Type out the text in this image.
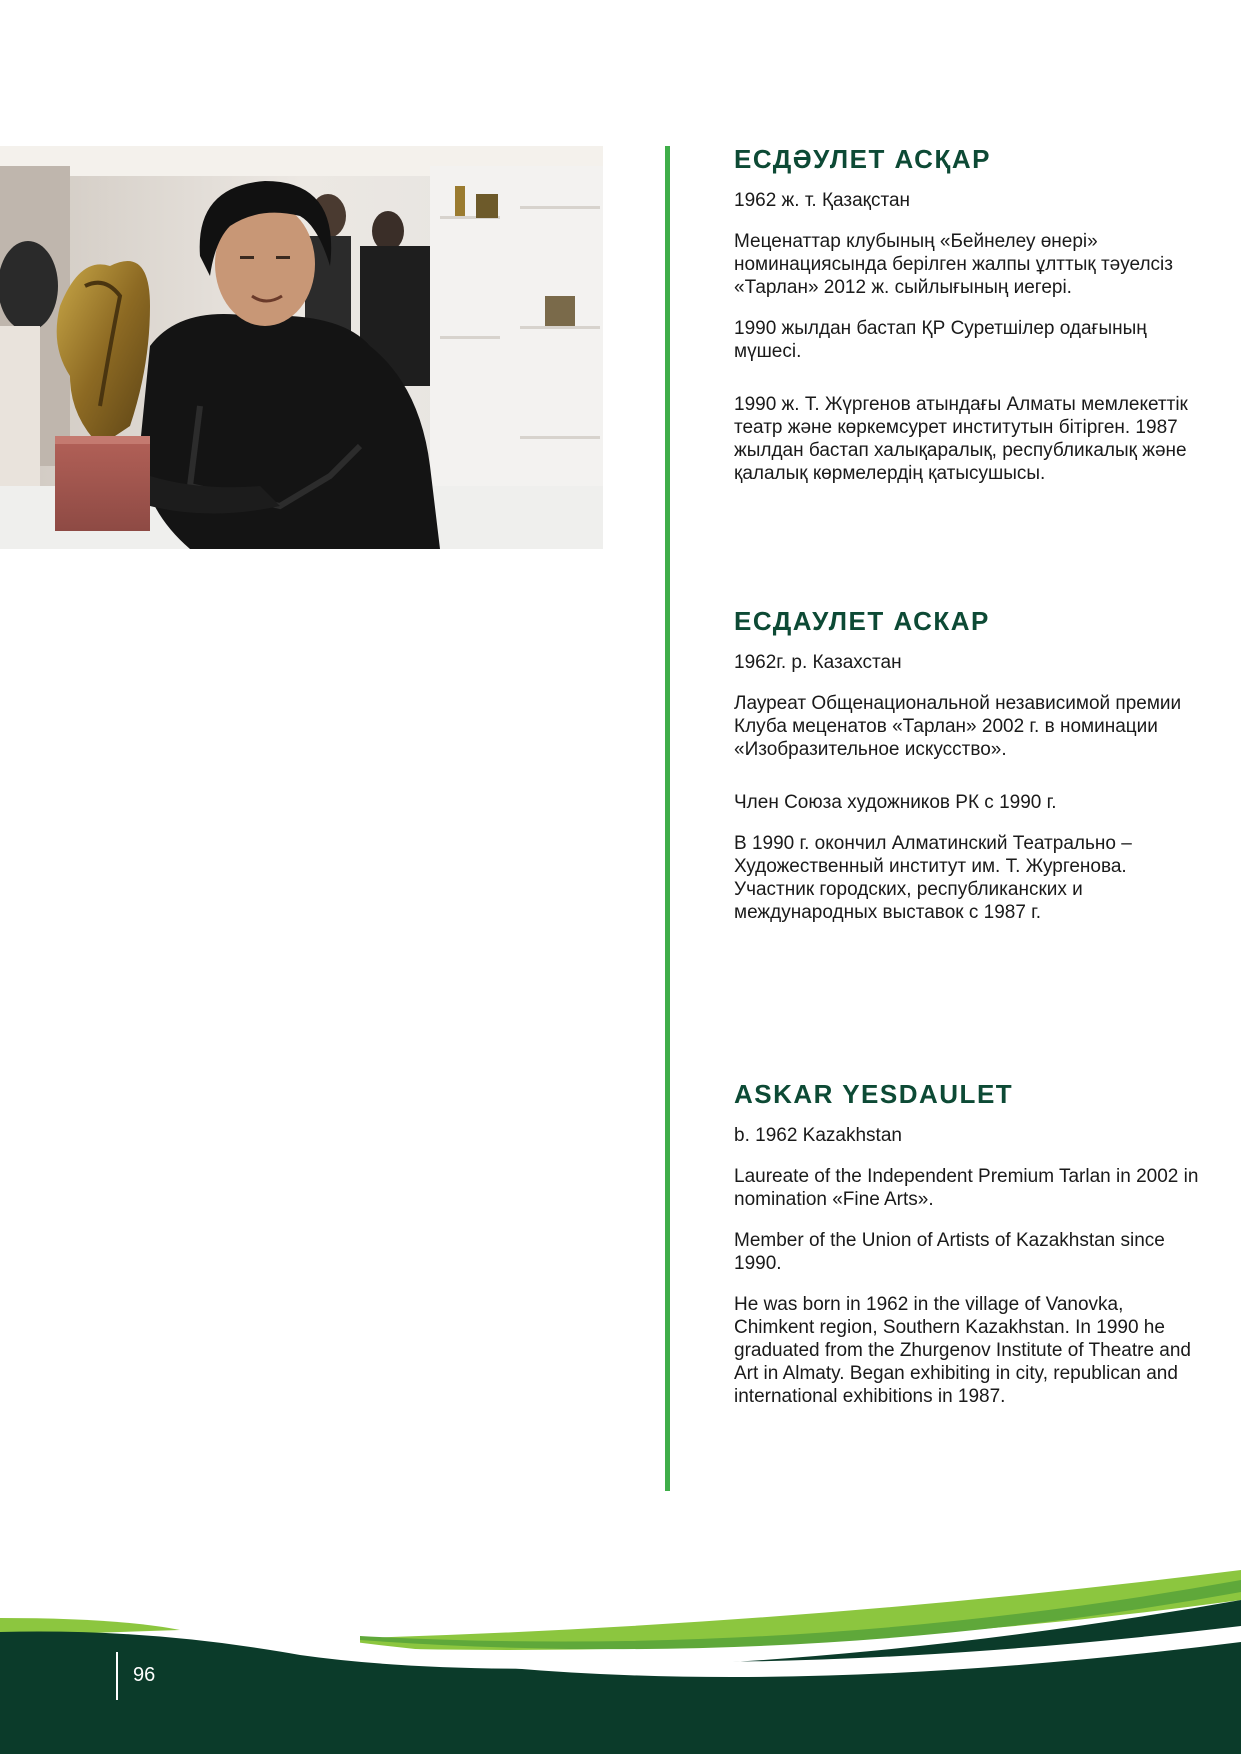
ЕСДӘУЛЕТ АСҚАР

1962 ж. т. Қазақстан

Меценаттар клубының «Бейнелеу өнері» номинациясында берілген жалпы ұлттық тәуелсіз «Тарлан» 2012 ж. сыйлығының иегері.

1990 жылдан бастап ҚР Суретшілер одағының мүшесі.

1990 ж. Т. Жүргенов атындағы Алматы мемлекеттік театр және көркемсурет институтын бітірген. 1987 жылдан бастап халықаралық, республикалық және қалалық көрмелердің қатысушысы.

ЕСДАУЛЕТ АСКАР

1962г. р. Казахстан

Лауреат Общенациональной независимой премии Клуба меценатов «Тарлан» 2002 г. в номинации «Изобразительное искусство».

Член Союза художников РК с 1990 г.

В 1990 г. окончил Алматинский Театрально – Художественный институт им. Т. Жургенова. Участник городских, республиканских и международных выставок с 1987 г.

ASKAR YESDAULET

b. 1962 Kazakhstan

Laureate of the Independent Premium Tarlan in 2002 in nomination «Fine Arts».

Member of the Union of Artists of Kazakhstan since 1990.

He was born in 1962 in the village of Vanovka, Chimkent region, Southern Kazakhstan. In 1990 he graduated from the Zhurgenov Institute of Theatre and Art in Almaty. Began exhibiting in city, republican and international exhibitions in 1987.

96
